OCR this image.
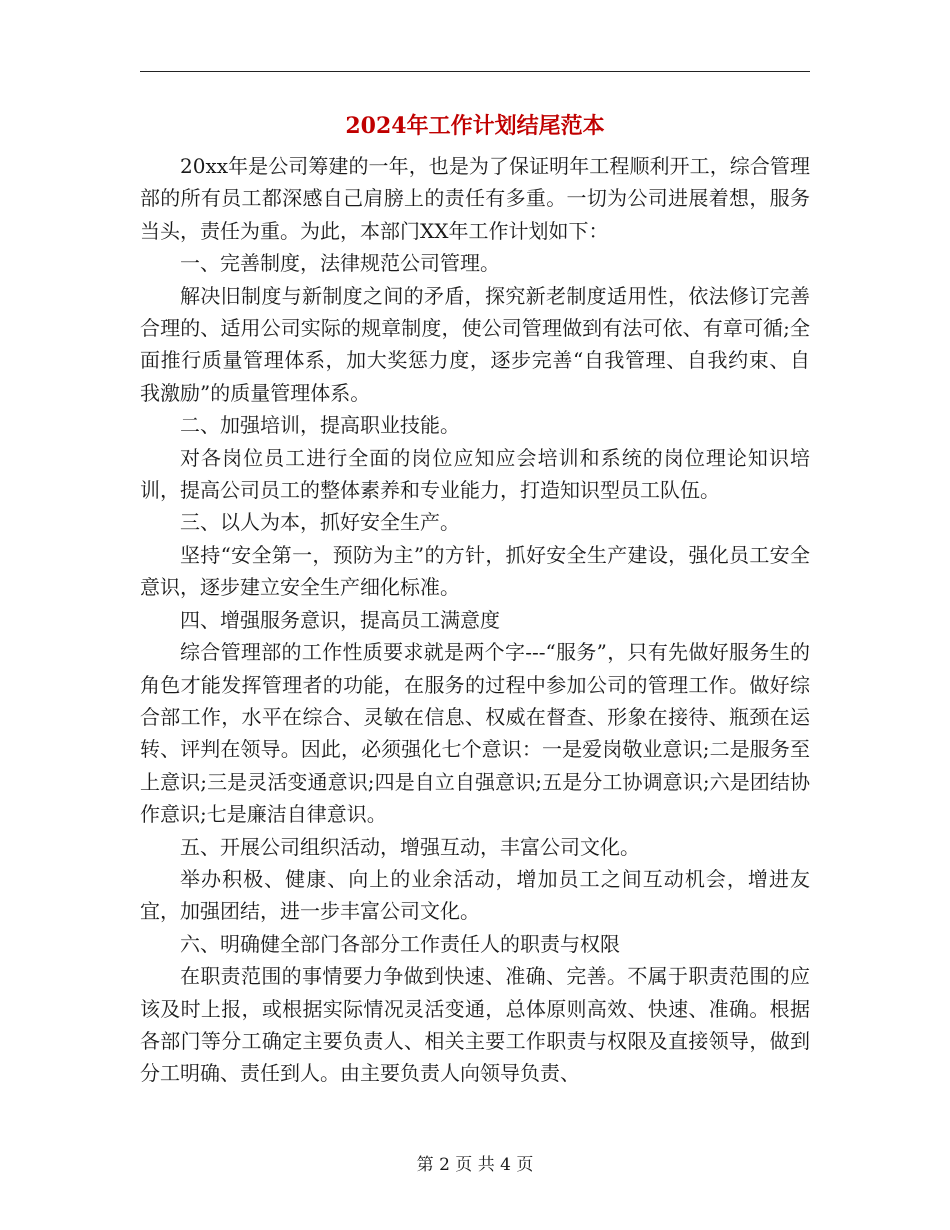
2024年工作计划结尾范本

20xx年是公司筹建的一年，也是为了保证明年工程顺利开工，综合管理部的所有员工都深感自己肩膀上的责任有多重。一切为公司进展着想，服务当头，责任为重。为此，本部门XX年工作计划如下：

一、完善制度，法律规范公司管理。

解决旧制度与新制度之间的矛盾，探究新老制度适用性，依法修订完善合理的、适用公司实际的规章制度，使公司管理做到有法可依、有章可循;全面推行质量管理体系，加大奖惩力度，逐步完善“自我管理、自我约束、自我激励”的质量管理体系。

二、加强培训，提高职业技能。

对各岗位员工进行全面的岗位应知应会培训和系统的岗位理论知识培训，提高公司员工的整体素养和专业能力，打造知识型员工队伍。

三、以人为本，抓好安全生产。

坚持“安全第一，预防为主”的方针，抓好安全生产建设，强化员工安全意识，逐步建立安全生产细化标准。

四、增强服务意识，提高员工满意度

综合管理部的工作性质要求就是两个字---“服务”，只有先做好服务生的角色才能发挥管理者的功能，在服务的过程中参加公司的管理工作。做好综合部工作，水平在综合、灵敏在信息、权威在督查、形象在接待、瓶颈在运转、评判在领导。因此，必须强化七个意识：一是爱岗敬业意识;二是服务至上意识;三是灵活变通意识;四是自立自强意识;五是分工协调意识;六是团结协作意识;七是廉洁自律意识。

五、开展公司组织活动，增强互动，丰富公司文化。

举办积极、健康、向上的业余活动，增加员工之间互动机会，增进友宜，加强团结，进一步丰富公司文化。

六、明确健全部门各部分工作责任人的职责与权限

在职责范围的事情要力争做到快速、准确、完善。不属于职责范围的应该及时上报，或根据实际情况灵活变通，总体原则高效、快速、准确。根据各部门等分工确定主要负责人、相关主要工作职责与权限及直接领导，做到分工明确、责任到人。由主要负责人向领导负责、

第 2 页 共 4 页
